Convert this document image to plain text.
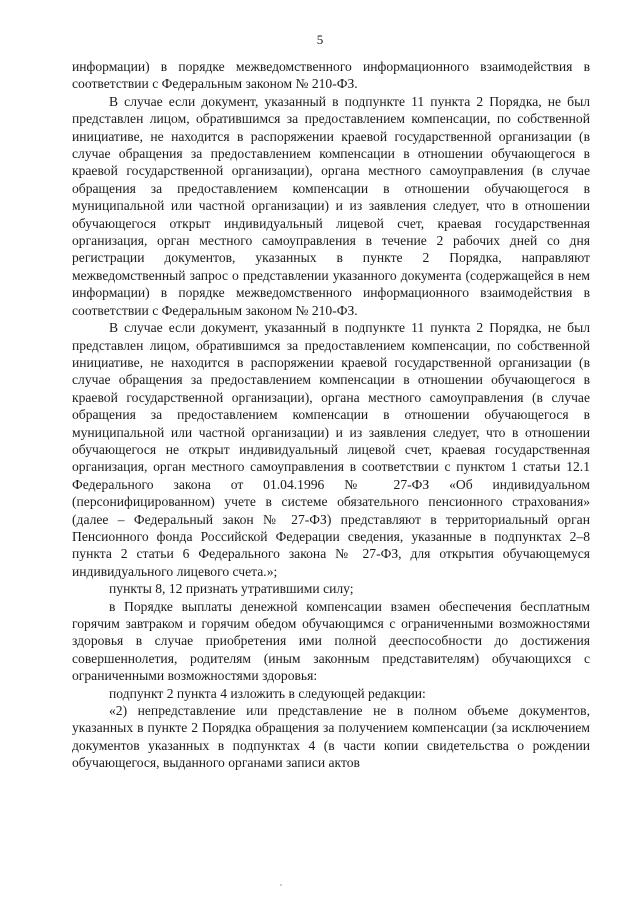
5

информации) в порядке межведомственного информационного взаимодействия в соответствии с Федеральным законом № 210-ФЗ.

В случае если документ, указанный в подпункте 11 пункта 2 Порядка, не был представлен лицом, обратившимся за предоставлением компенсации, по собственной инициативе, не находится в распоряжении краевой государственной организации (в случае обращения за предоставлением компенсации в отношении обучающегося в краевой государственной организации), органа местного самоуправления (в случае обращения за предоставлением компенсации в отношении обучающегося в муниципальной или частной организации) и из заявления следует, что в отношении обучающегося открыт индивидуальный лицевой счет, краевая государственная организация, орган местного самоуправления в течение 2 рабочих дней со дня регистрации документов, указанных в пункте 2 Порядка, направляют межведомственный запрос о представлении указанного документа (содержащейся в нем информации) в порядке межведомственного информационного взаимодействия в соответствии с Федеральным законом № 210-ФЗ.

В случае если документ, указанный в подпункте 11 пункта 2 Порядка, не был представлен лицом, обратившимся за предоставлением компенсации, по собственной инициативе, не находится в распоряжении краевой государственной организации (в случае обращения за предоставлением компенсации в отношении обучающегося в краевой государственной организации), органа местного самоуправления (в случае обращения за предоставлением компенсации в отношении обучающегося в муниципальной или частной организации) и из заявления следует, что в отношении обучающегося не открыт индивидуальный лицевой счет, краевая государственная организация, орган местного самоуправления в соответствии с пунктом 1 статьи 12.1 Федерального закона от 01.04.1996 № 27-ФЗ «Об индивидуальном (персонифицированном) учете в системе обязательного пенсионного страхования» (далее – Федеральный закон № 27-ФЗ) представляют в территориальный орган Пенсионного фонда Российской Федерации сведения, указанные в подпунктах 2–8 пункта 2 статьи 6 Федерального закона № 27-ФЗ, для открытия обучающемуся индивидуального лицевого счета.»;

пункты 8, 12 признать утратившими силу;

в Порядке выплаты денежной компенсации взамен обеспечения бесплатным горячим завтраком и горячим обедом обучающимся с ограниченными возможностями здоровья в случае приобретения ими полной дееспособности до достижения совершеннолетия, родителям (иным законным представителям) обучающихся с ограниченными возможностями здоровья:

подпункт 2 пункта 4 изложить в следующей редакции:

«2) непредставление или представление не в полном объеме документов, указанных в пункте 2 Порядка обращения за получением компенсации (за исключением документов указанных в подпунктах 4 (в части копии свидетельства о рождении обучающегося, выданного органами записи актов
